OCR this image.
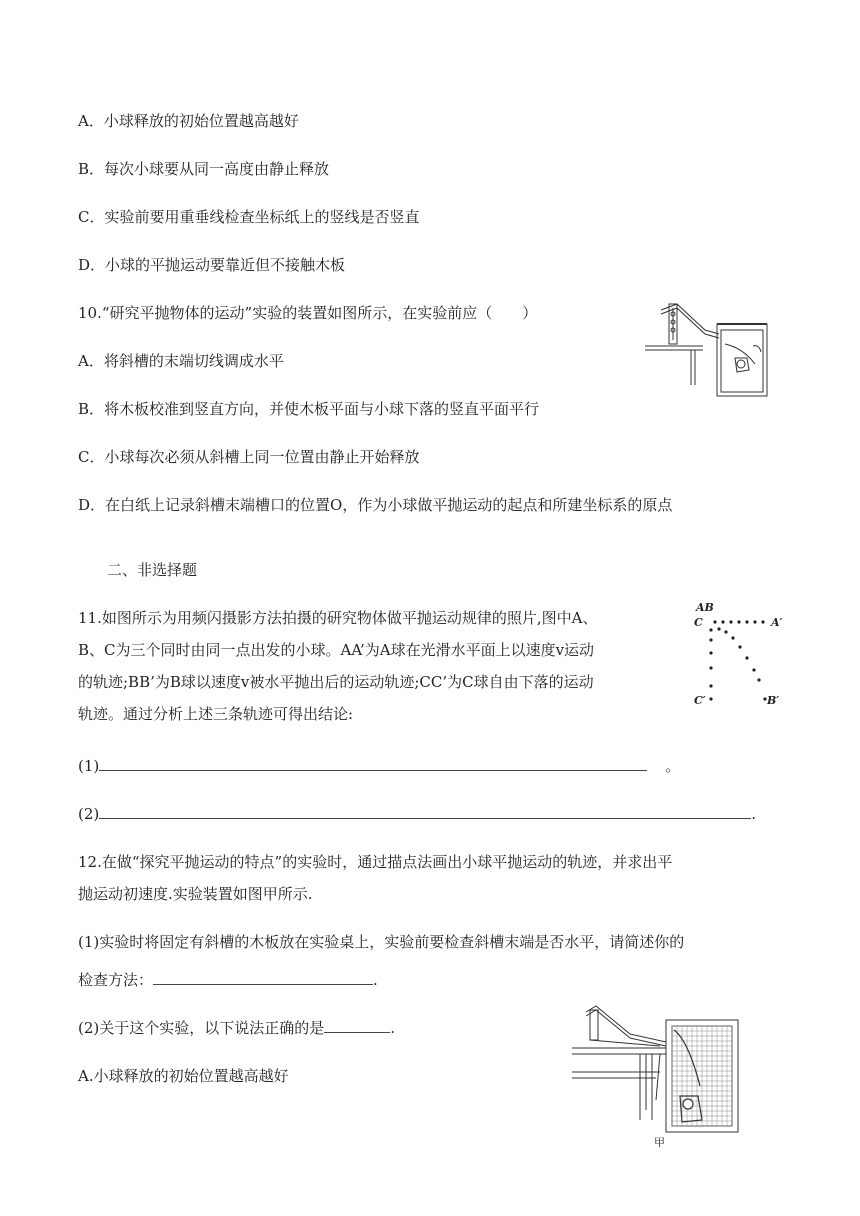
A．小球释放的初始位置越高越好
B．每次小球要从同一高度由静止释放
C．实验前要用重垂线检查坐标纸上的竖线是否竖直
D．小球的平抛运动要靠近但不接触木板
10.“研究平抛物体的运动”实验的装置如图所示，在实验前应（　　）
A．将斜槽的末端切线调成水平
B．将木板校准到竖直方向，并使木板平面与小球下落的竖直平面平行
C．小球每次必须从斜槽上同一位置由静止开始释放
D．在白纸上记录斜槽末端槽口的位置O，作为小球做平抛运动的起点和所建坐标系的原点
二、非选择题
11.如图所示为用频闪摄影方法拍摄的研究物体做平抛运动规律的照片,图中A、
B、C为三个同时由同一点出发的小球。AA’为A球在光滑水平面上以速度v运动
的轨迹;BB’为B球以速度v被水平抛出后的运动轨迹;CC’为C球自由下落的运动
轨迹。通过分析上述三条轨迹可得出结论:
(1)	。
(2)	.
AB
C	A′
C′	B′
12.在做“探究平抛运动的特点”的实验时，通过描点法画出小球平抛运动的轨迹，并求出平
抛运动初速度.实验装置如图甲所示.
(1)实验时将固定有斜槽的木板放在实验桌上，实验前要检查斜槽末端是否水平，请简述你的
检查方法：	.
(2)关于这个实验，以下说法正确的是	.
A.小球释放的初始位置越高越好
甲
